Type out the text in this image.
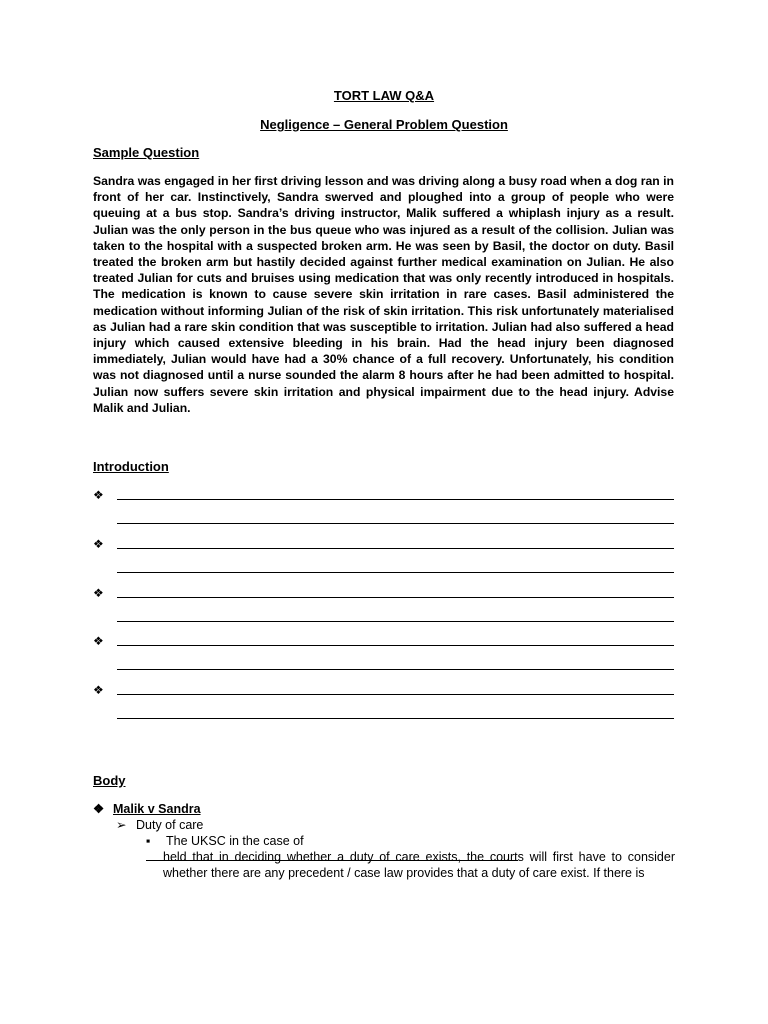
TORT LAW Q&A
Negligence – General Problem Question
Sample Question

Sandra was engaged in her first driving lesson and was driving along a busy road when a dog ran in front of her car. Instinctively, Sandra swerved and ploughed into a group of people who were queuing at a bus stop. Sandra’s driving instructor, Malik suffered a whiplash injury as a result. Julian was the only person in the bus queue who was injured as a result of the collision. Julian was taken to the hospital with a suspected broken arm. He was seen by Basil, the doctor on duty. Basil treated the broken arm but hastily decided against further medical examination on Julian. He also treated Julian for cuts and bruises using medication that was only recently introduced in hospitals. The medication is known to cause severe skin irritation in rare cases. Basil administered the medication without informing Julian of the risk of skin irritation. This risk unfortunately materialised as Julian had a rare skin condition that was susceptible to irritation. Julian had also suffered a head injury which caused extensive bleeding in his brain. Had the head injury been diagnosed immediately, Julian would have had a 30% chance of a full recovery. Unfortunately, his condition was not diagnosed until a nurse sounded the alarm 8 hours after he had been admitted to hospital. Julian now suffers severe skin irritation and physical impairment due to the head injury. Advise Malik and Julian.

Introduction
❖
❖
❖
❖
❖
Body
❖ Malik v Sandra
➢ Duty of care
▪ The UKSC in the case of

held that in deciding whether a duty of care exists, the courts will first have to consider whether there are any precedent / case law provides that a duty of care exist. If there is
